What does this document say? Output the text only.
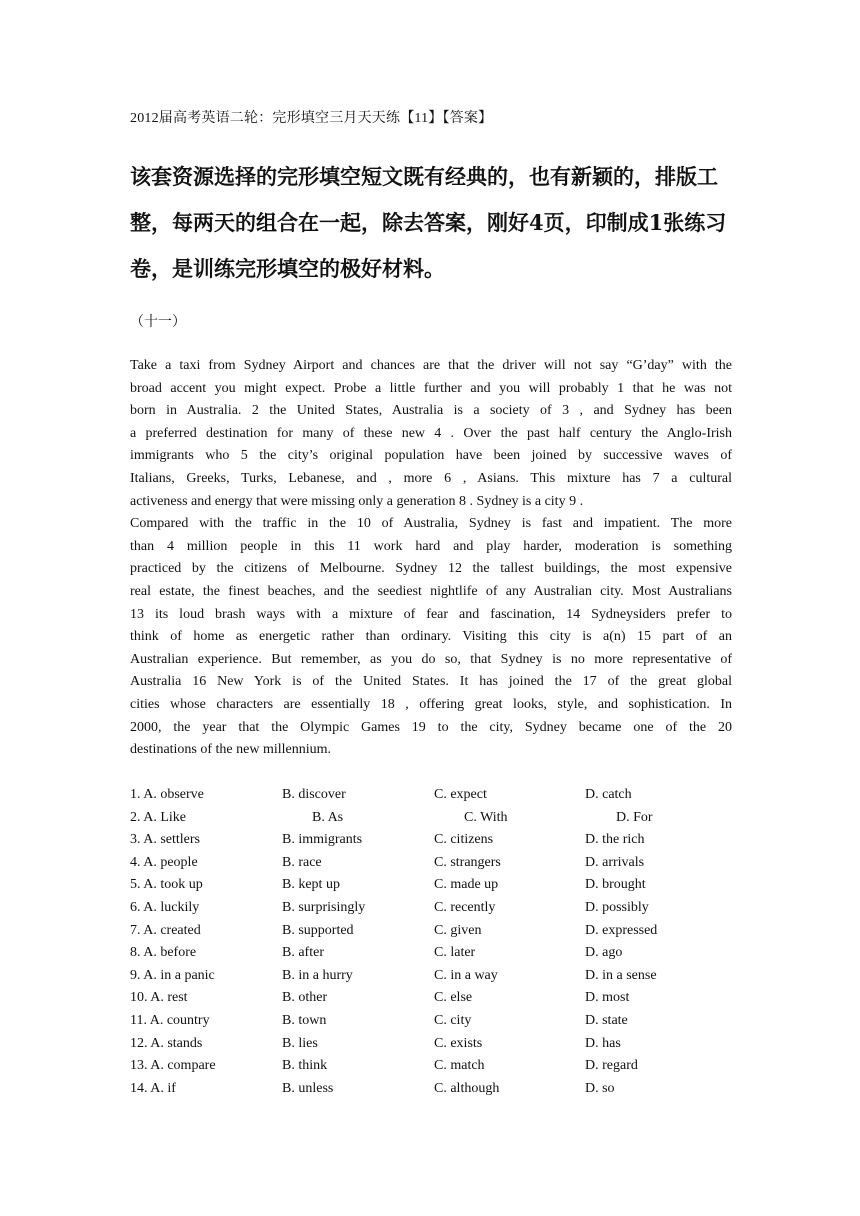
2012届高考英语二轮：完形填空三月天天练【11】【答案】
该套资源选择的完形填空短文既有经典的，也有新颖的，排版工整，每两天的组合在一起，除去答案，刚好4页，印制成1张练习卷，是训练完形填空的极好材料。
（十一）
Take a taxi from Sydney Airport and chances are that the driver will not say “G’day” with the
broad accent you might expect. Probe a little further and you will probably 1 that he was not
born in Australia. 2 the United States, Australia is a society of 3 , and Sydney has been
a preferred destination for many of these new 4 . Over the past half century the Anglo-Irish
immigrants who 5 the city’s original population have been joined by successive waves of
Italians, Greeks, Turks, Lebanese, and , more 6 , Asians. This mixture has 7 a cultural
activeness and energy that were missing only a generation 8 . Sydney is a city 9 .
Compared with the traffic in the 10 of Australia, Sydney is fast and impatient. The more
than 4 million people in this 11 work hard and play harder, moderation is something
practiced by the citizens of Melbourne. Sydney 12 the tallest buildings, the most expensive
real estate, the finest beaches, and the seediest nightlife of any Australian city. Most Australians
13 its loud brash ways with a mixture of fear and fascination, 14 Sydneysiders prefer to
think of home as energetic rather than ordinary. Visiting this city is a(n) 15 part of an
Australian experience. But remember, as you do so, that Sydney is no more representative of
Australia 16 New York is of the United States. It has joined the 17 of the great global
cities whose characters are essentially 18 , offering great looks, style, and sophistication. In
2000, the year that the Olympic Games 19 to the city, Sydney became one of the 20
destinations of the new millennium.
1. A. observe	B. discover	C. expect	D. catch
2. A. Like	B. As	C. With	D. For
3. A. settlers	B. immigrants	C. citizens	D. the rich
4. A. people	B. race	C. strangers	D. arrivals
5. A. took up	B. kept up	C. made up	D. brought
6. A. luckily	B. surprisingly	C. recently	D. possibly
7. A. created	B. supported	C. given	D. expressed
8. A. before	B. after	C. later	D. ago
9. A. in a panic	B. in a hurry	C. in a way	D. in a sense
10. A. rest	B. other	C. else	D. most
11. A. country	B. town	C. city	D. state
12. A. stands	B. lies	C. exists	D. has
13. A. compare	B. think	C. match	D. regard
14. A. if	B. unless	C. although	D. so
